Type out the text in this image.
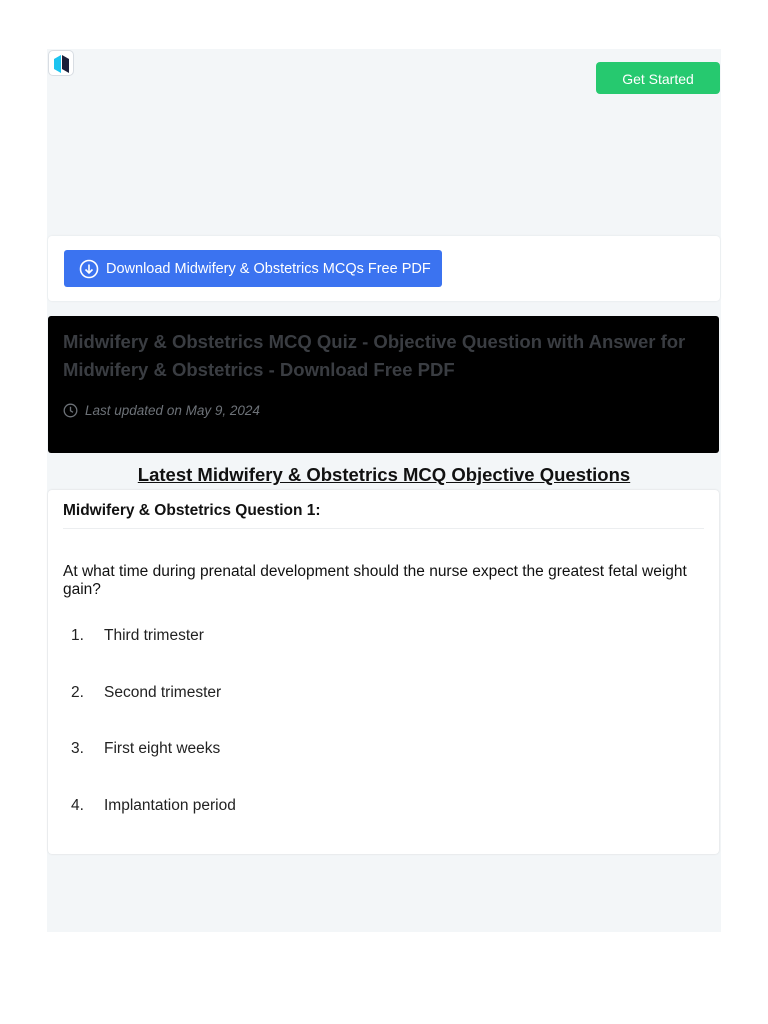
Get Started
Download Midwifery & Obstetrics MCQs Free PDF
Midwifery & Obstetrics MCQ Quiz - Objective Question with Answer for Midwifery & Obstetrics - Download Free PDF
Last updated on May 9, 2024
Latest Midwifery & Obstetrics MCQ Objective Questions
Midwifery & Obstetrics Question 1:
At what time during prenatal development should the nurse expect the greatest fetal weight gain?
1.	Third trimester
2.	Second trimester
3.	First eight weeks
4.	Implantation period
